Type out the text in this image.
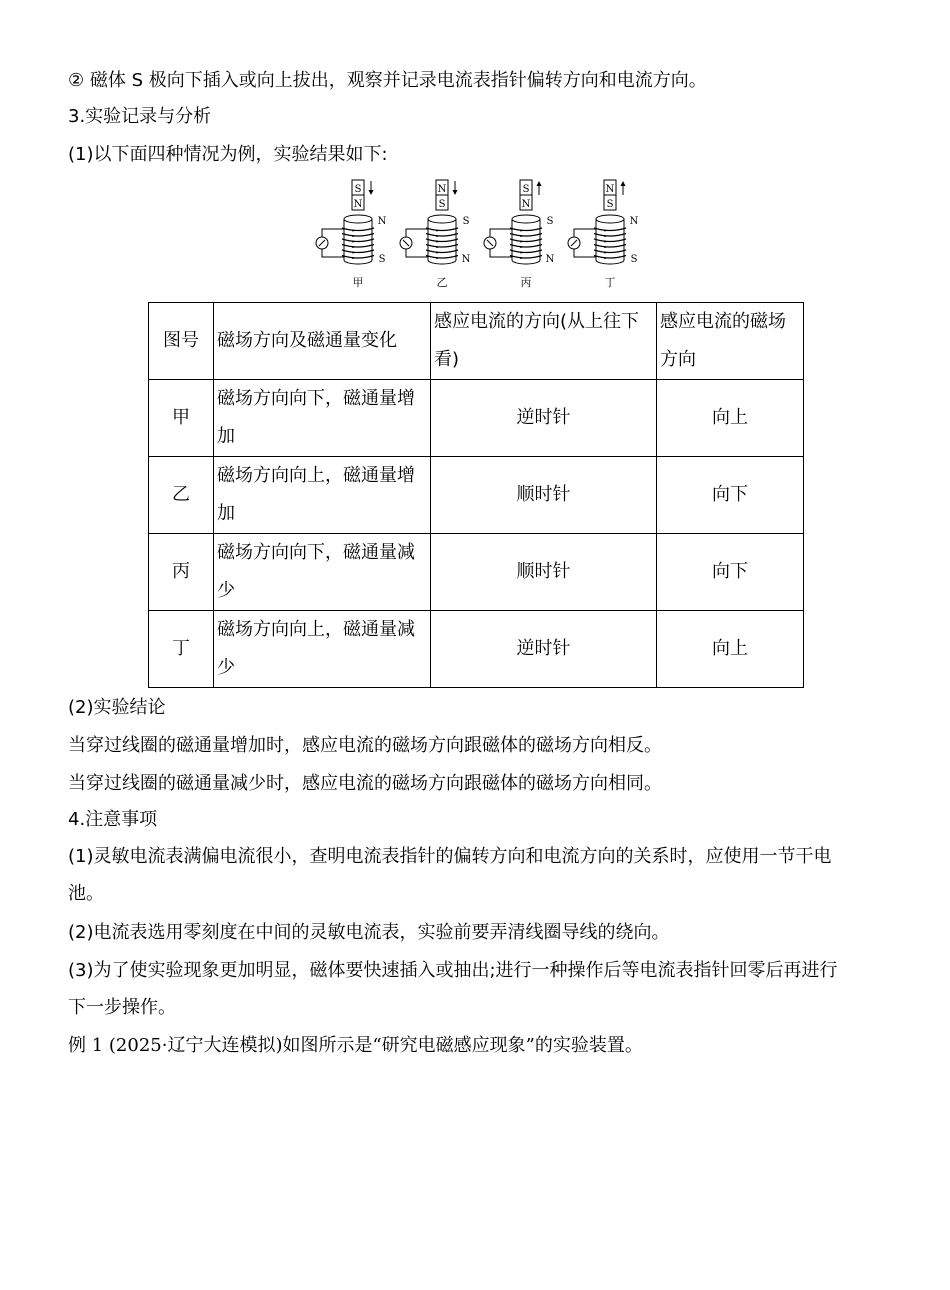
② 磁体 S 极向下插入或向上拔出，观察并记录电流表指针偏转方向和电流方向。
3.实验记录与分析
(1)以下面四种情况为例，实验结果如下:
S
N
N
S
甲
N
S
S
N
乙
S
N
S
N
丙
N
S
N
S
丁
图号	磁场方向及磁通量变化	感应电流的方向(从上往下看)	感应电流的磁场方向
甲	磁场方向向下，磁通量增加	逆时针	向上
乙	磁场方向向上，磁通量增加	顺时针	向下
丙	磁场方向向下，磁通量减少	顺时针	向下
丁	磁场方向向上，磁通量减少	逆时针	向上
(2)实验结论
当穿过线圈的磁通量增加时，感应电流的磁场方向跟磁体的磁场方向相反。
当穿过线圈的磁通量减少时，感应电流的磁场方向跟磁体的磁场方向相同。
4.注意事项
(1)灵敏电流表满偏电流很小，查明电流表指针的偏转方向和电流方向的关系时，应使用一节干电
池。
(2)电流表选用零刻度在中间的灵敏电流表，实验前要弄清线圈导线的绕向。
(3)为了使实验现象更加明显，磁体要快速插入或抽出;进行一种操作后等电流表指针回零后再进行
下一步操作。
例 1 (2025·辽宁大连模拟)如图所示是“研究电磁感应现象”的实验装置。
